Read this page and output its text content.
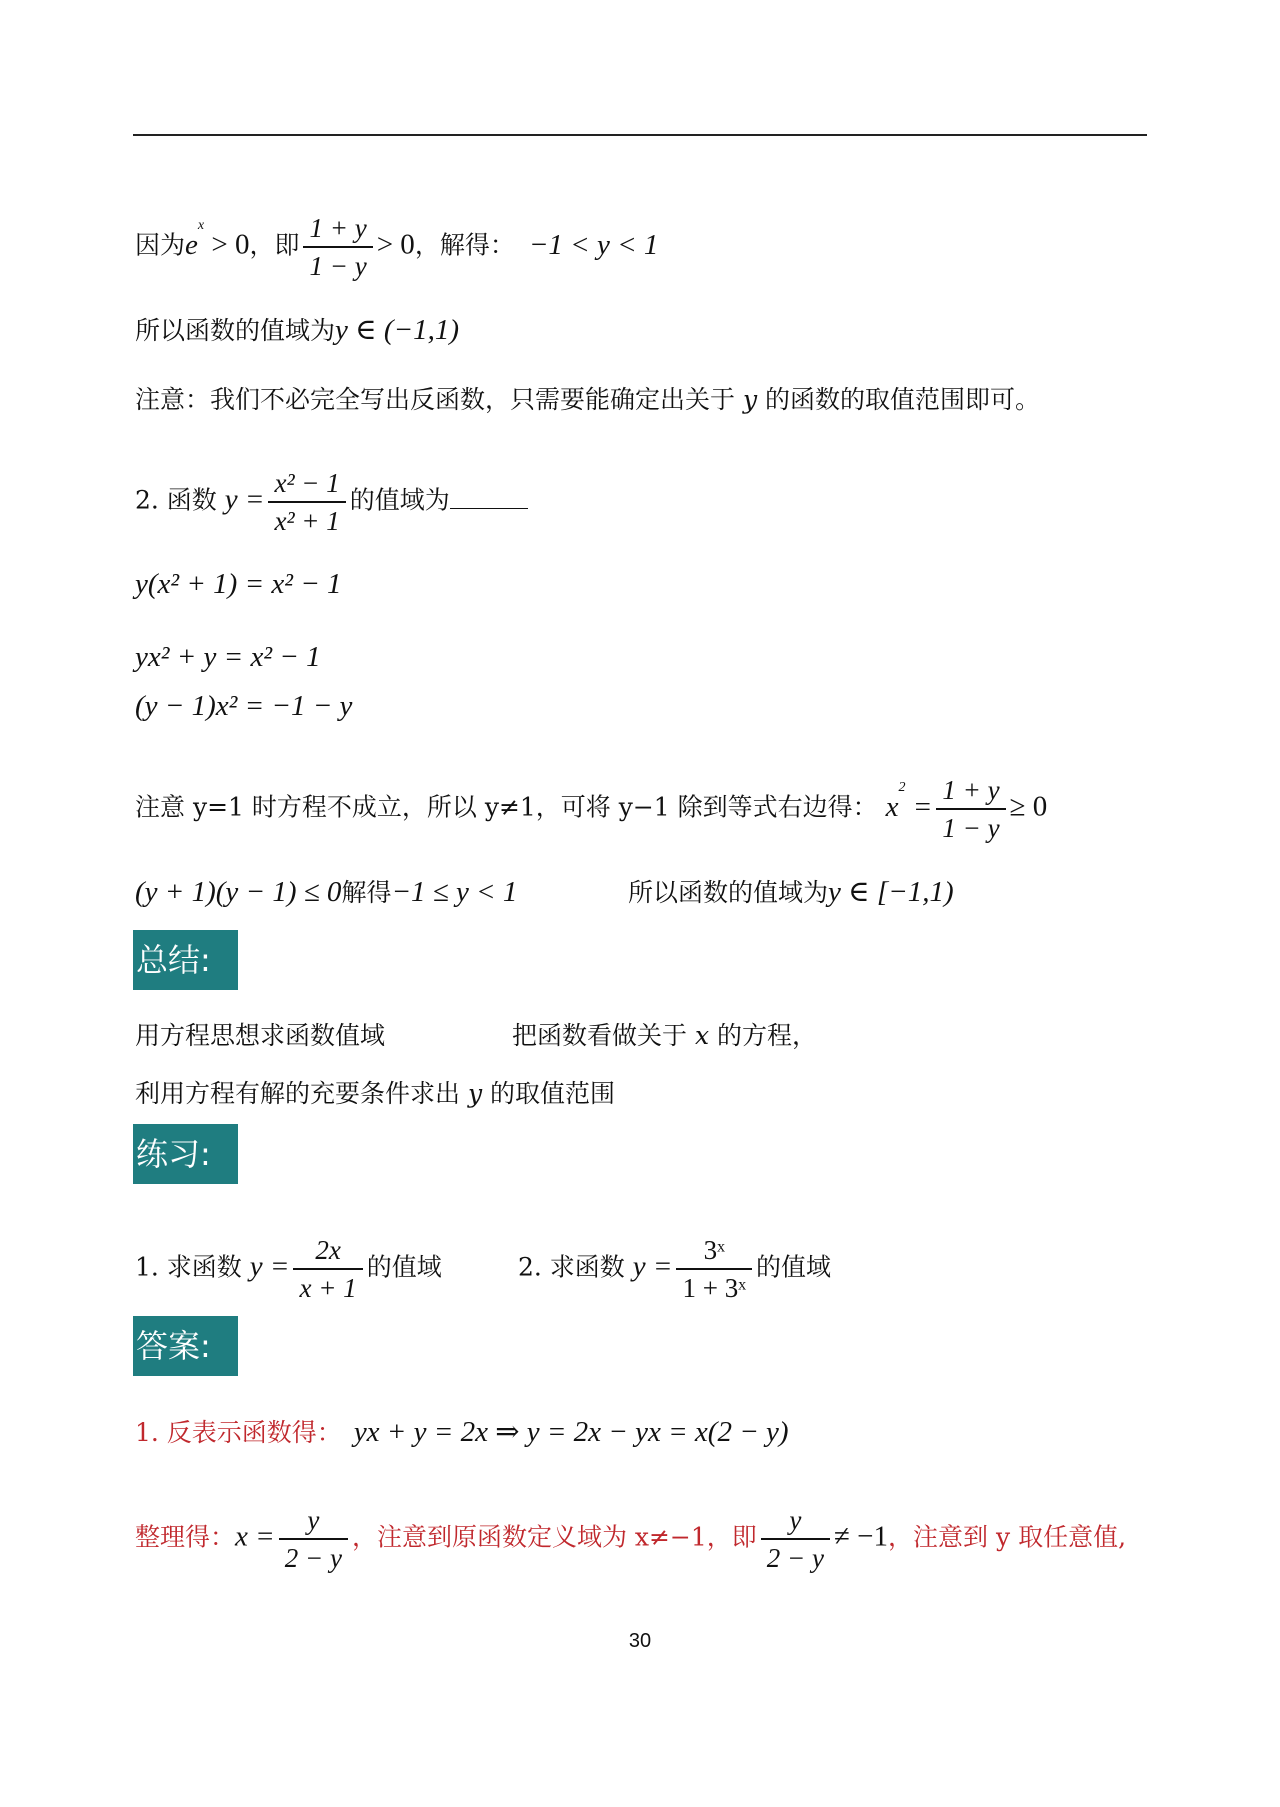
因为$e^x > 0$，即 $\frac{1 + y}{1 - y} > 0$，解得： −1 < y < 1
所以函数的值域为y ∈ (−1,1)
注意：我们不必完全写出反函数，只需要能确定出关于 y 的函数的取值范围即可。
2. 函数 $y = \frac{\text{x² − 1}}{\text{x² + 1}}$ 的值域为
y(x² + 1) = x² − 1
yx² + y = x² − 1
(y − 1)x² = −1 − y
注意 y=1 时方程不成立，所以 y≠1，可将 y−1 除到等式右边得： $x^2 = \frac{1 + y}{1 - y} \ge 0$
(y + 1)(y − 1) ≤ 0解得−1 ≤ y < 1	所以函数的值域为y ∈ [−1,1)
总结:
用方程思想求函数值域	把函数看做关于 x 的方程，
利用方程有解的充要条件求出 y 的取值范围
练习:
1. 求函数 $y = \frac{2x}{x + 1}$ 的值域	2. 求函数 $y = \frac{\text{3ˣ}}{\text{1 + 3ˣ}}$ 的值域
答案:
1. 反表示函数得： yx + y = 2x ⇒ y = 2x − yx = x(2 − y)
整理得：$x = \frac{y}{2 - y}$ ，注意到原函数定义域为 x≠−1，即 $\frac{y}{2 - y} \ne -1$，注意到 y 取任意值,
30
